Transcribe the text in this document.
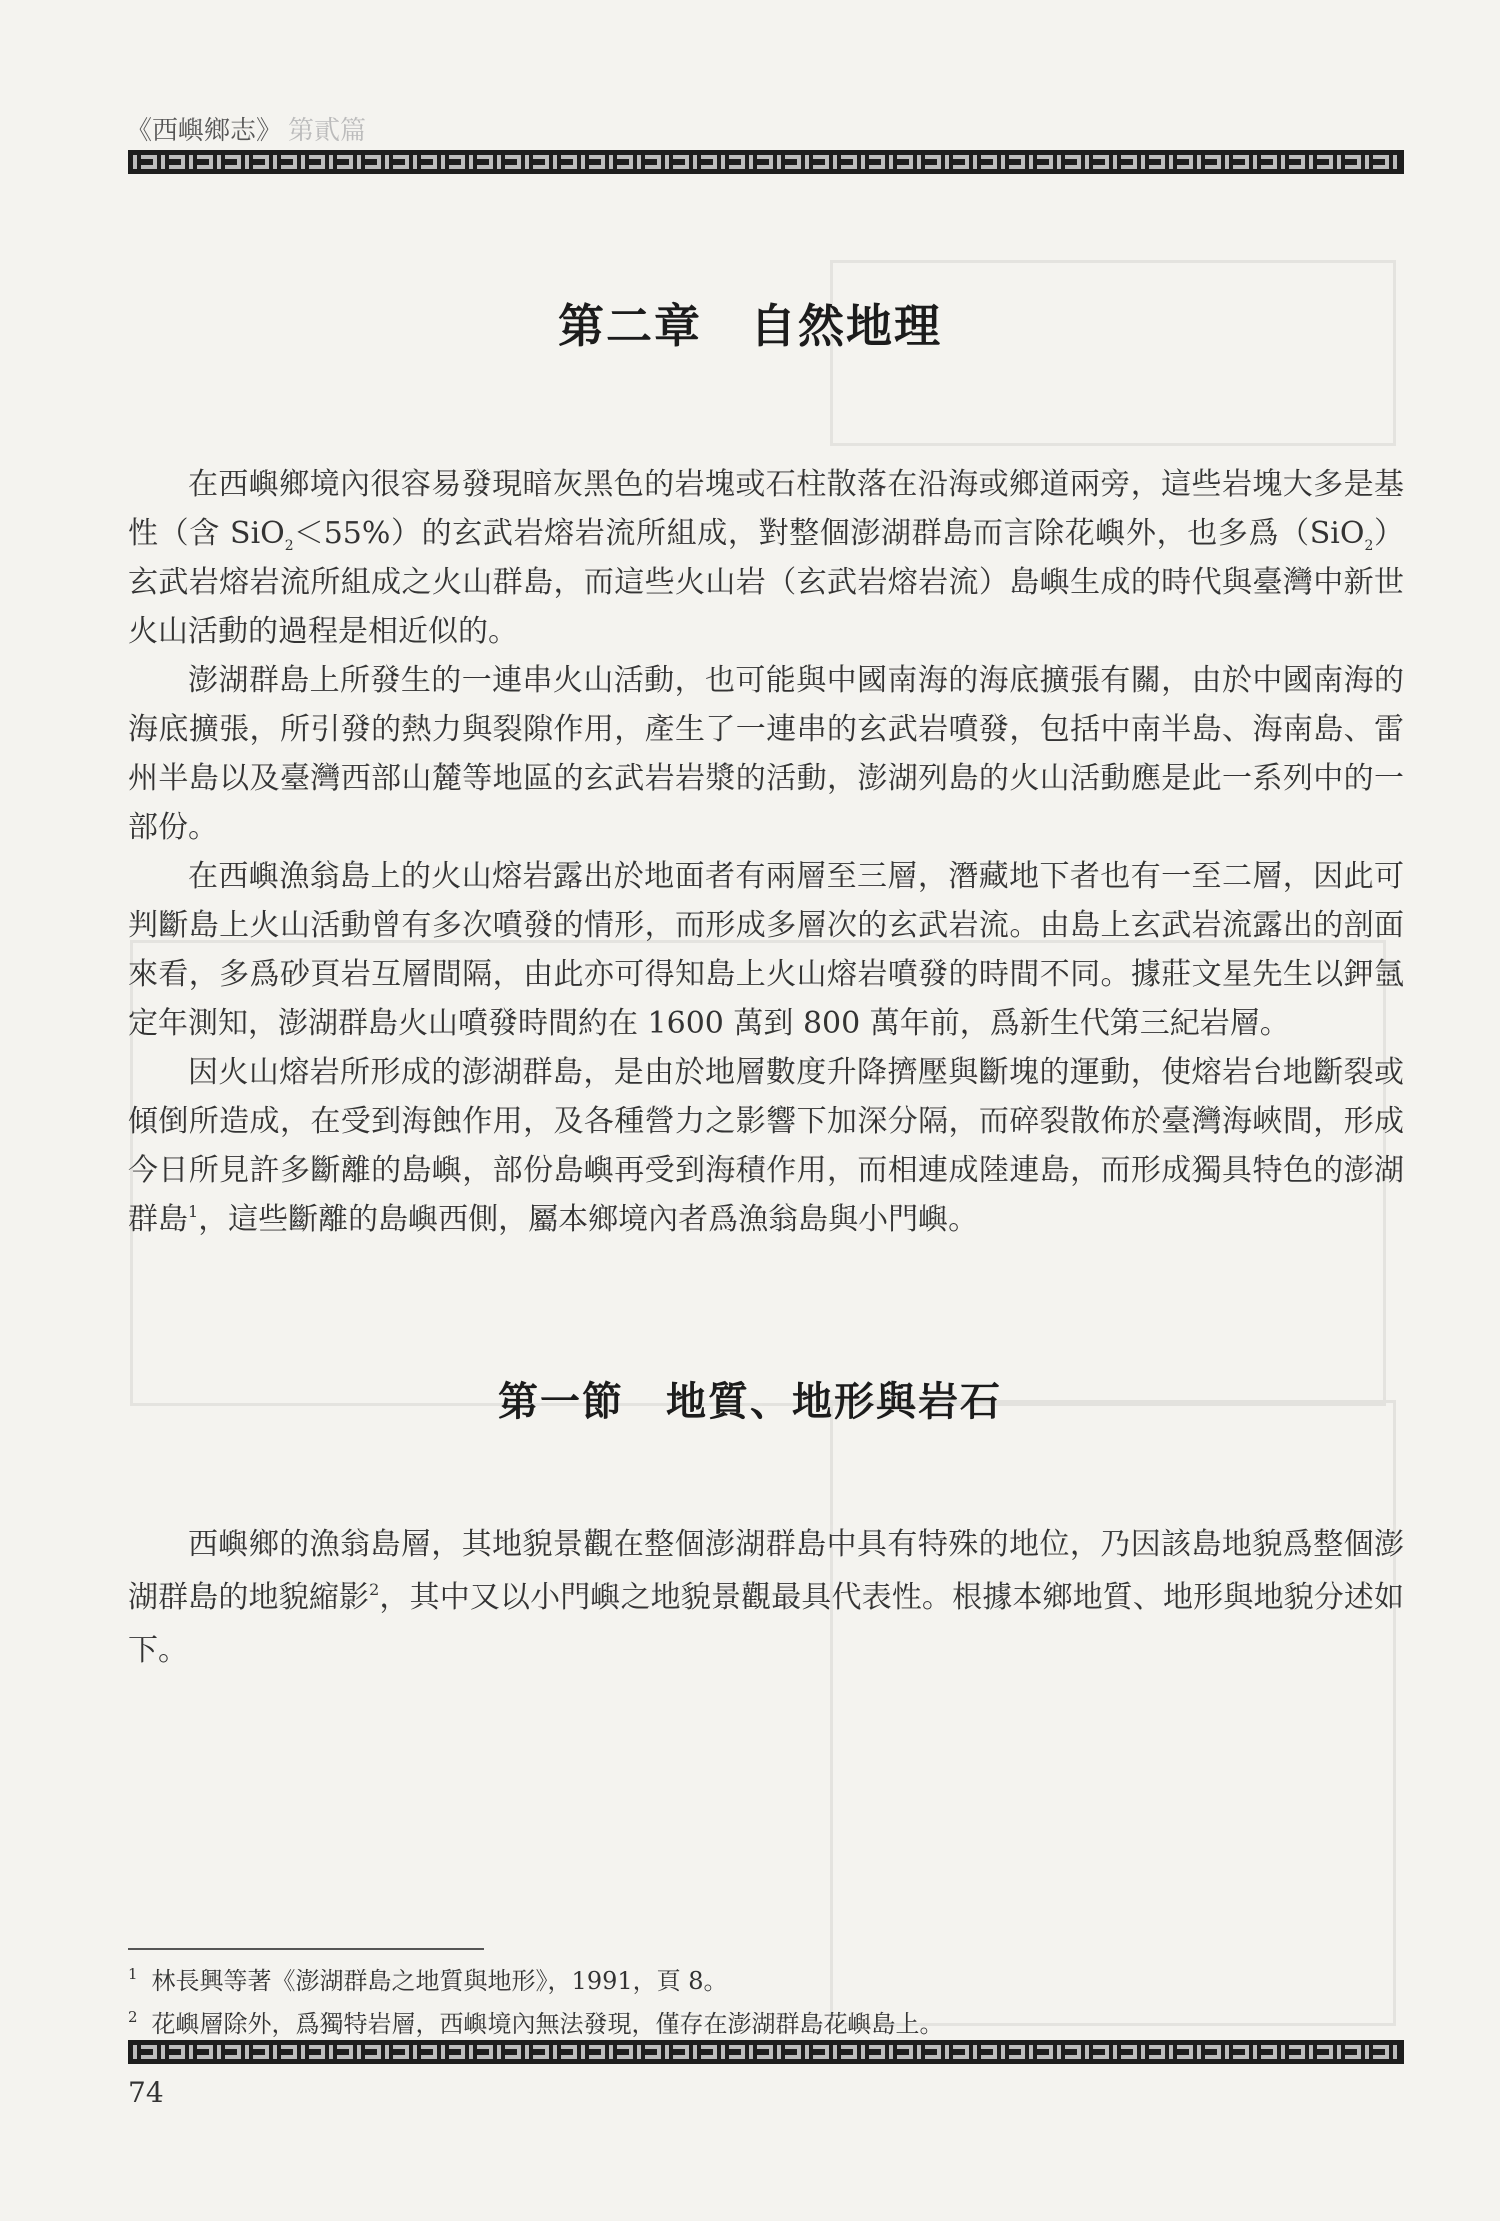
《西嶼鄉志》 第貳篇
第二章　自然地理

在西嶼鄉境內很容易發現暗灰黑色的岩塊或石柱散落在沿海或鄉道兩旁，這些岩塊大多是基性（含 SiO$_2$＜55%）的玄武岩熔岩流所組成，對整個澎湖群島而言除花嶼外，也多爲（SiO$_2$）玄武岩熔岩流所組成之火山群島，而這些火山岩（玄武岩熔岩流）島嶼生成的時代與臺灣中新世火山活動的過程是相近似的。

澎湖群島上所發生的一連串火山活動，也可能與中國南海的海底擴張有關，由於中國南海的海底擴張，所引發的熱力與裂隙作用，產生了一連串的玄武岩噴發，包括中南半島、海南島、雷州半島以及臺灣西部山麓等地區的玄武岩岩漿的活動，澎湖列島的火山活動應是此一系列中的一部份。

在西嶼漁翁島上的火山熔岩露出於地面者有兩層至三層，潛藏地下者也有一至二層，因此可判斷島上火山活動曾有多次噴發的情形，而形成多層次的玄武岩流。由島上玄武岩流露出的剖面來看，多爲砂頁岩互層間隔，由此亦可得知島上火山熔岩噴發的時間不同。據莊文星先生以鉀氬定年測知，澎湖群島火山噴發時間約在 1600 萬到 800 萬年前，爲新生代第三紀岩層。

因火山熔岩所形成的澎湖群島，是由於地層數度升降擠壓與斷塊的運動，使熔岩台地斷裂或傾倒所造成，在受到海蝕作用，及各種營力之影響下加深分隔，而碎裂散佈於臺灣海峽間，形成今日所見許多斷離的島嶼，部份島嶼再受到海積作用，而相連成陸連島，而形成獨具特色的澎湖群島$^1$，這些斷離的島嶼西側，屬本鄉境內者爲漁翁島與小門嶼。

第一節　地質、地形與岩石

西嶼鄉的漁翁島層，其地貌景觀在整個澎湖群島中具有特殊的地位，乃因該島地貌爲整個澎湖群島的地貌縮影$^2$，其中又以小門嶼之地貌景觀最具代表性。根據本鄉地質、地形與地貌分述如下。

$^1$ 林長興等著《澎湖群島之地質與地形》，1991，頁 8。
$^2$ 花嶼層除外，爲獨特岩層，西嶼境內無法發現，僅存在澎湖群島花嶼島上。
74
